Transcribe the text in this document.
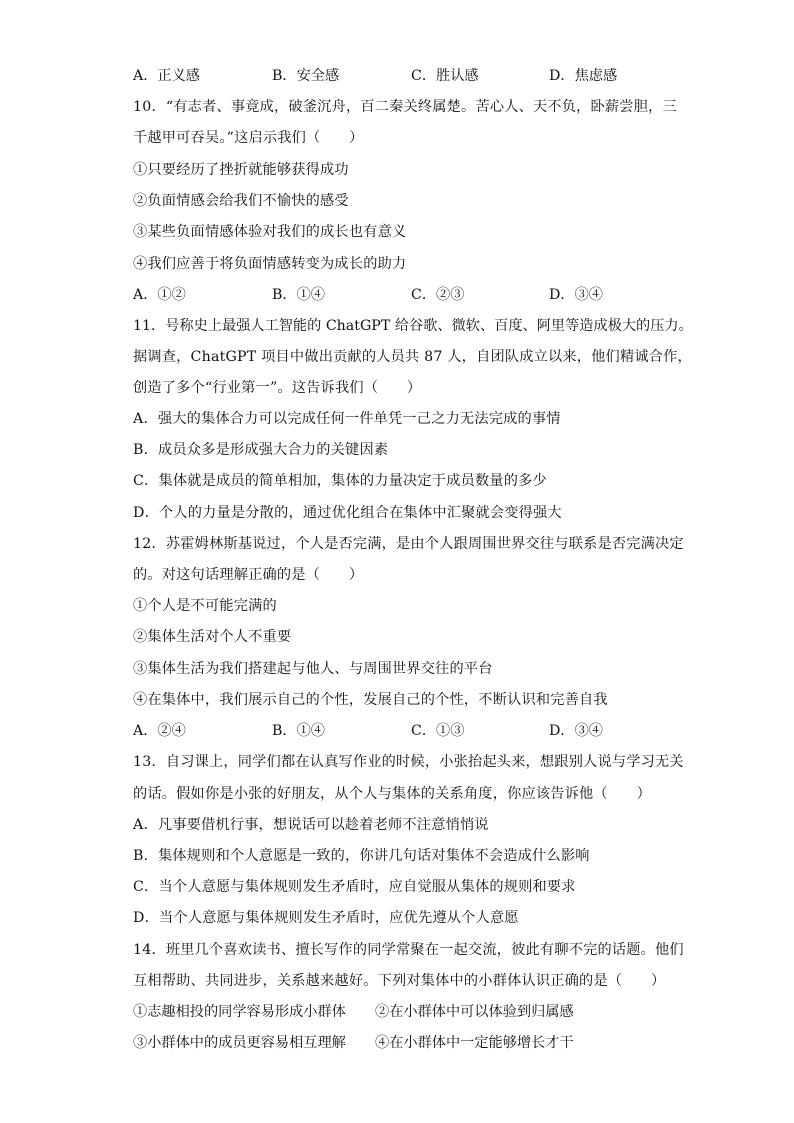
A．正义感	B．安全感	C．胜认感	D．焦虑感
10．“有志者、事竟成，破釜沉舟，百二秦关终属楚。苦心人、天不负，卧薪尝胆，三
千越甲可吞吴。”这启示我们（　　）
①只要经历了挫折就能够获得成功
②负面情感会给我们不愉快的感受
③某些负面情感体验对我们的成长也有意义
④我们应善于将负面情感转变为成长的助力
A．①②	B．①④	C．②③	D．③④
11．号称史上最强人工智能的 ChatGPT 给谷歌、微软、百度、阿里等造成极大的压力。
据调查，ChatGPT 项目中做出贡献的人员共 87 人，自团队成立以来，他们精诚合作，
创造了多个“行业第一”。这告诉我们（　　）
A．强大的集体合力可以完成任何一件单凭一己之力无法完成的事情
B．成员众多是形成强大合力的关键因素
C．集体就是成员的简单相加，集体的力量决定于成员数量的多少
D．个人的力量是分散的，通过优化组合在集体中汇聚就会变得强大
12．苏霍姆林斯基说过，个人是否完满，是由个人跟周围世界交往与联系是否完满决定
的。对这句话理解正确的是（　　）
①个人是不可能完满的
②集体生活对个人不重要
③集体生活为我们搭建起与他人、与周围世界交往的平台
④在集体中，我们展示自己的个性，发展自己的个性，不断认识和完善自我
A．②④	B．①④	C．①③	D．③④
13．自习课上，同学们都在认真写作业的时候，小张抬起头来，想跟别人说与学习无关
的话。假如你是小张的好朋友，从个人与集体的关系角度，你应该告诉他（　　）
A．凡事要借机行事，想说话可以趁着老师不注意悄悄说
B．集体规则和个人意愿是一致的，你讲几句话对集体不会造成什么影响
C．当个人意愿与集体规则发生矛盾时，应自觉服从集体的规则和要求
D．当个人意愿与集体规则发生矛盾时，应优先遵从个人意愿
14．班里几个喜欢读书、擅长写作的同学常聚在一起交流，彼此有聊不完的话题。他们
互相帮助、共同进步，关系越来越好。下列对集体中的小群体认识正确的是（　　）
①志趣相投的同学容易形成小群体 ②在小群体中可以体验到归属感
③小群体中的成员更容易相互理解 ④在小群体中一定能够增长才干
